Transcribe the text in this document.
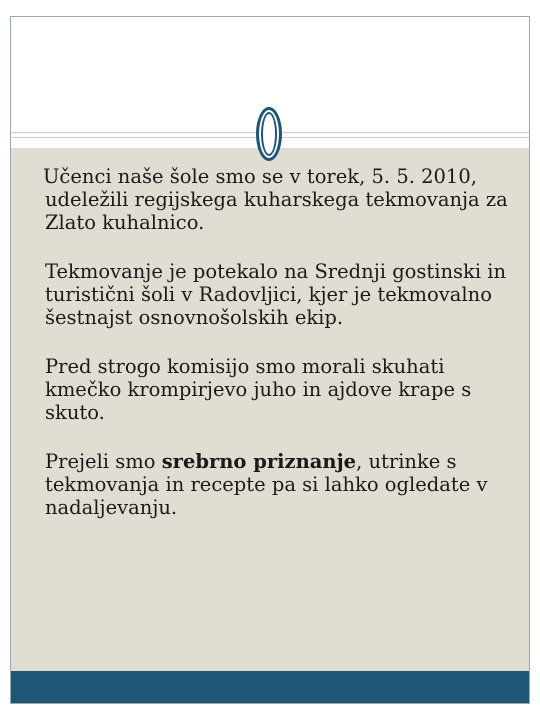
Učenci naše šole smo se v torek, 5. 5. 2010, udeležili regijskega kuharskega tekmovanja za Zlato kuhalnico.

Tekmovanje je potekalo na Srednji gostinski in turistični šoli v Radovljici, kjer je tekmovalno šestnajst osnovnošolskih ekip.

Pred strogo komisijo smo morali skuhati kmečko krompirjevo juho in ajdove krape s skuto.

Prejeli smo srebrno priznanje, utrinke s tekmovanja in recepte pa si lahko ogledate v nadaljevanju.
